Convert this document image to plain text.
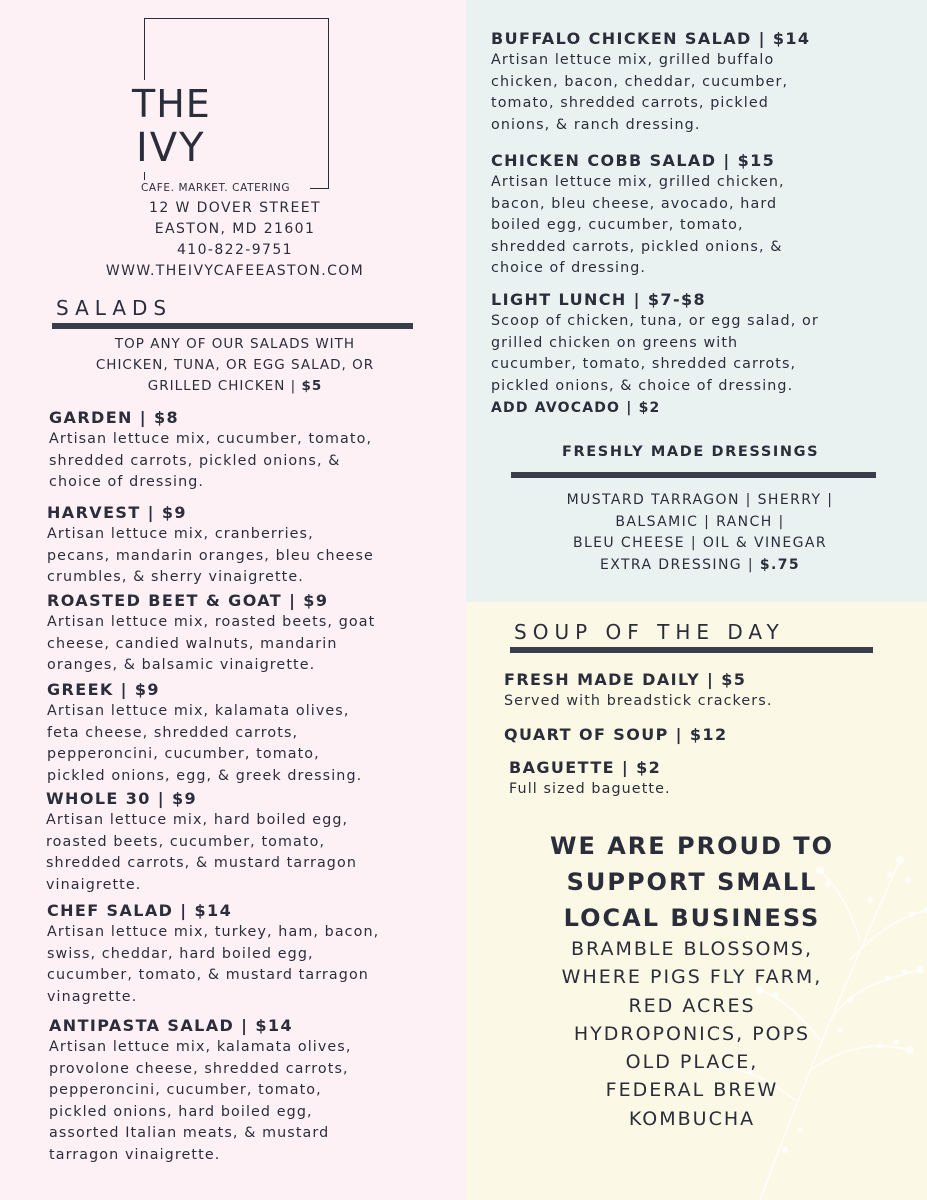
THE
IVY
CAFE. MARKET. CATERING
12 W DOVER STREET
EASTON, MD 21601
410-822-9751
WWW.THEIVYCAFEEASTON.COM
SALADS
TOP ANY OF OUR SALADS WITH
CHICKEN, TUNA, OR EGG SALAD, OR
GRILLED CHICKEN | $5
GARDEN | $8
Artisan lettuce mix, cucumber, tomato,
shredded carrots, pickled onions, &
choice of dressing.
HARVEST | $9
Artisan lettuce mix, cranberries,
pecans, mandarin oranges, bleu cheese
crumbles, & sherry vinaigrette.
ROASTED BEET & GOAT | $9
Artisan lettuce mix, roasted beets, goat
cheese, candied walnuts, mandarin
oranges, & balsamic vinaigrette.
GREEK | $9
Artisan lettuce mix, kalamata olives,
feta cheese, shredded carrots,
pepperoncini, cucumber, tomato,
pickled onions, egg, & greek dressing.
WHOLE 30 | $9
Artisan lettuce mix, hard boiled egg,
roasted beets, cucumber, tomato,
shredded carrots, & mustard tarragon
vinaigrette.
CHEF SALAD | $14
Artisan lettuce mix, turkey, ham, bacon,
swiss, cheddar, hard boiled egg,
cucumber, tomato, & mustard tarragon
vinagrette.
ANTIPASTA SALAD | $14
Artisan lettuce mix, kalamata olives,
provolone cheese, shredded carrots,
pepperoncini, cucumber, tomato,
pickled onions, hard boiled egg,
assorted Italian meats, & mustard
tarragon vinaigrette.
BUFFALO CHICKEN SALAD | $14
Artisan lettuce mix, grilled buffalo
chicken, bacon, cheddar, cucumber,
tomato, shredded carrots, pickled
onions, & ranch dressing.
CHICKEN COBB SALAD | $15
Artisan lettuce mix, grilled chicken,
bacon, bleu cheese, avocado, hard
boiled egg, cucumber, tomato,
shredded carrots, pickled onions, &
choice of dressing.
LIGHT LUNCH | $7-$8
Scoop of chicken, tuna, or egg salad, or
grilled chicken on greens with
cucumber, tomato, shredded carrots,
pickled onions, & choice of dressing.
ADD AVOCADO | $2
FRESHLY MADE DRESSINGS
MUSTARD TARRAGON | SHERRY |
BALSAMIC | RANCH |
BLEU CHEESE | OIL & VINEGAR
EXTRA DRESSING | $.75
SOUP OF THE DAY
FRESH MADE DAILY | $5
Served with breadstick crackers.
QUART OF SOUP | $12
BAGUETTE | $2
Full sized baguette.
WE ARE PROUD TO
SUPPORT SMALL
LOCAL BUSINESS
BRAMBLE BLOSSOMS,
WHERE PIGS FLY FARM,
RED ACRES
HYDROPONICS, POPS
OLD PLACE,
FEDERAL BREW
KOMBUCHA
